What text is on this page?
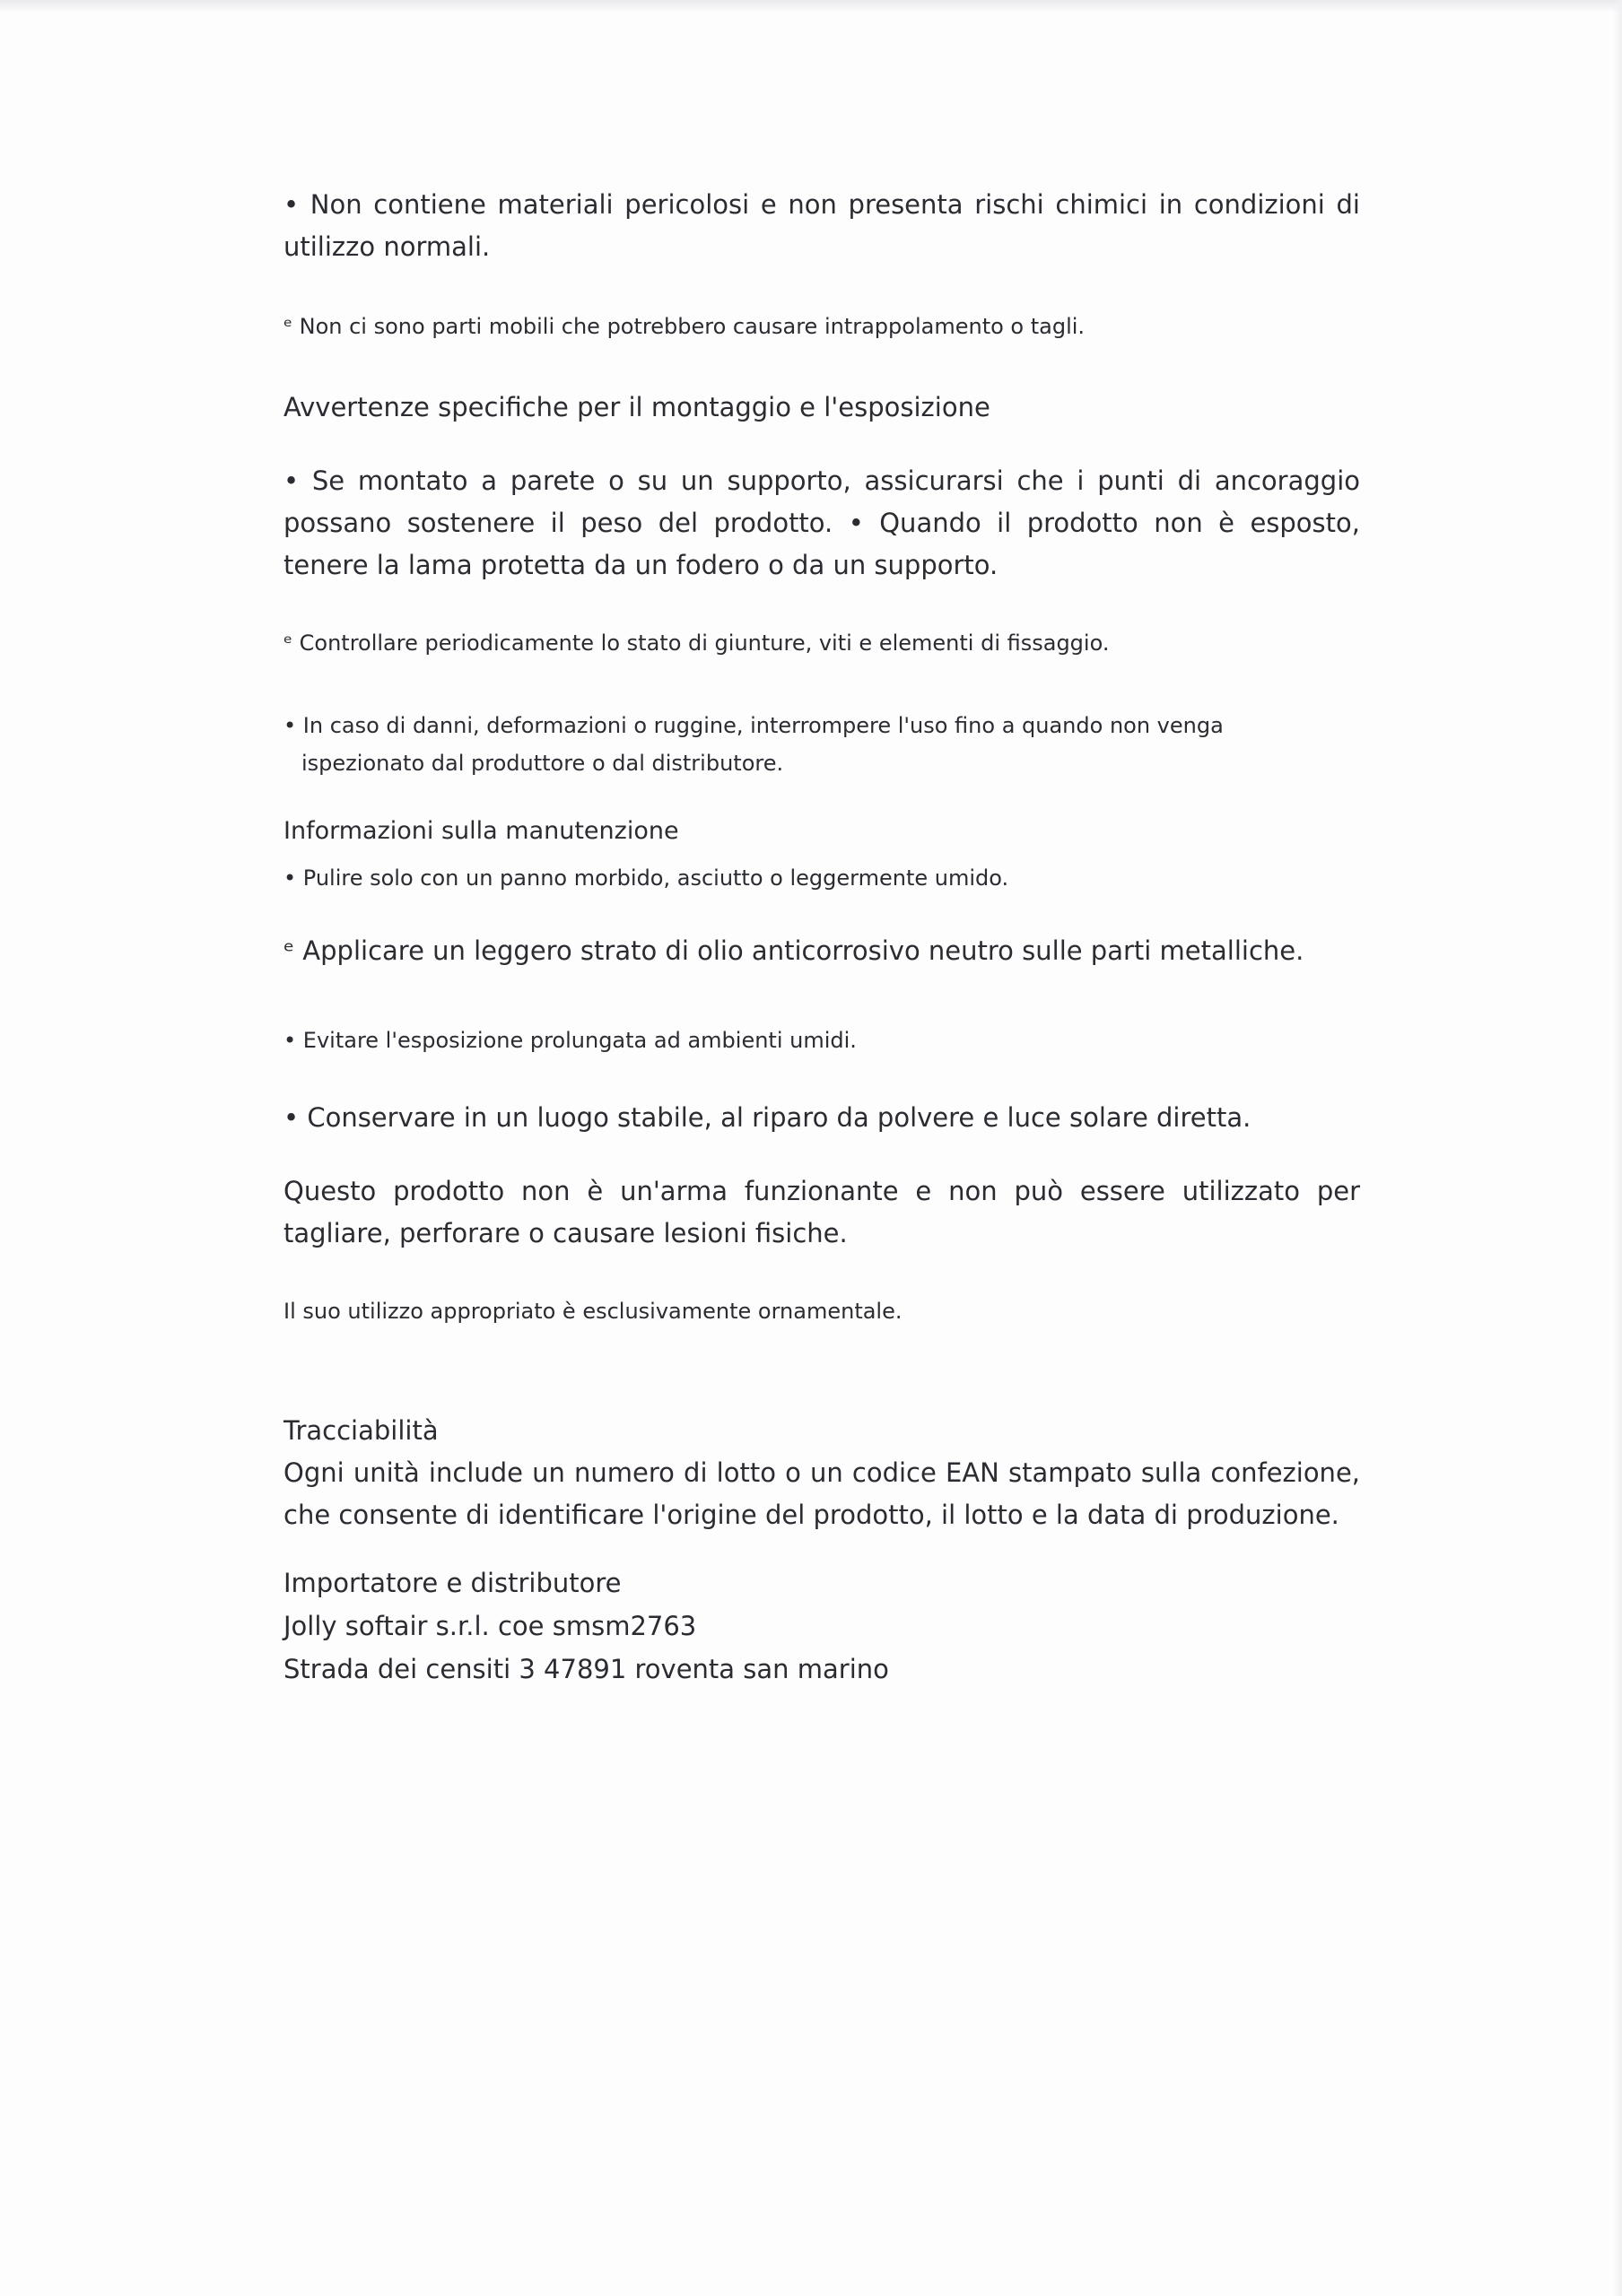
• Non contiene materiali pericolosi e non presenta rischi chimici in condizioni di utilizzo normali.

ᵉ Non ci sono parti mobili che potrebbero causare intrappolamento o tagli.

Avvertenze specifiche per il montaggio e l'esposizione

• Se montato a parete o su un supporto, assicurarsi che i punti di ancoraggio possano sostenere il peso del prodotto. • Quando il prodotto non è esposto, tenere la lama protetta da un fodero o da un supporto.

ᵉ Controllare periodicamente lo stato di giunture, viti e elementi di fissaggio.

• In caso di danni, deformazioni o ruggine, interrompere l'uso fino a quando non venga ispezionato dal produttore o dal distributore.

Informazioni sulla manutenzione

• Pulire solo con un panno morbido, asciutto o leggermente umido.

ᵉ Applicare un leggero strato di olio anticorrosivo neutro sulle parti metalliche.

• Evitare l'esposizione prolungata ad ambienti umidi.

• Conservare in un luogo stabile, al riparo da polvere e luce solare diretta.

Questo prodotto non è un'arma funzionante e non può essere utilizzato per tagliare, perforare o causare lesioni fisiche.

Il suo utilizzo appropriato è esclusivamente ornamentale.

Tracciabilità

Ogni unità include un numero di lotto o un codice EAN stampato sulla confezione, che consente di identificare l'origine del prodotto, il lotto e la data di produzione.

Importatore e distributore

Jolly softair s.r.l. coe smsm2763

Strada dei censiti 3 47891 roventa san marino
